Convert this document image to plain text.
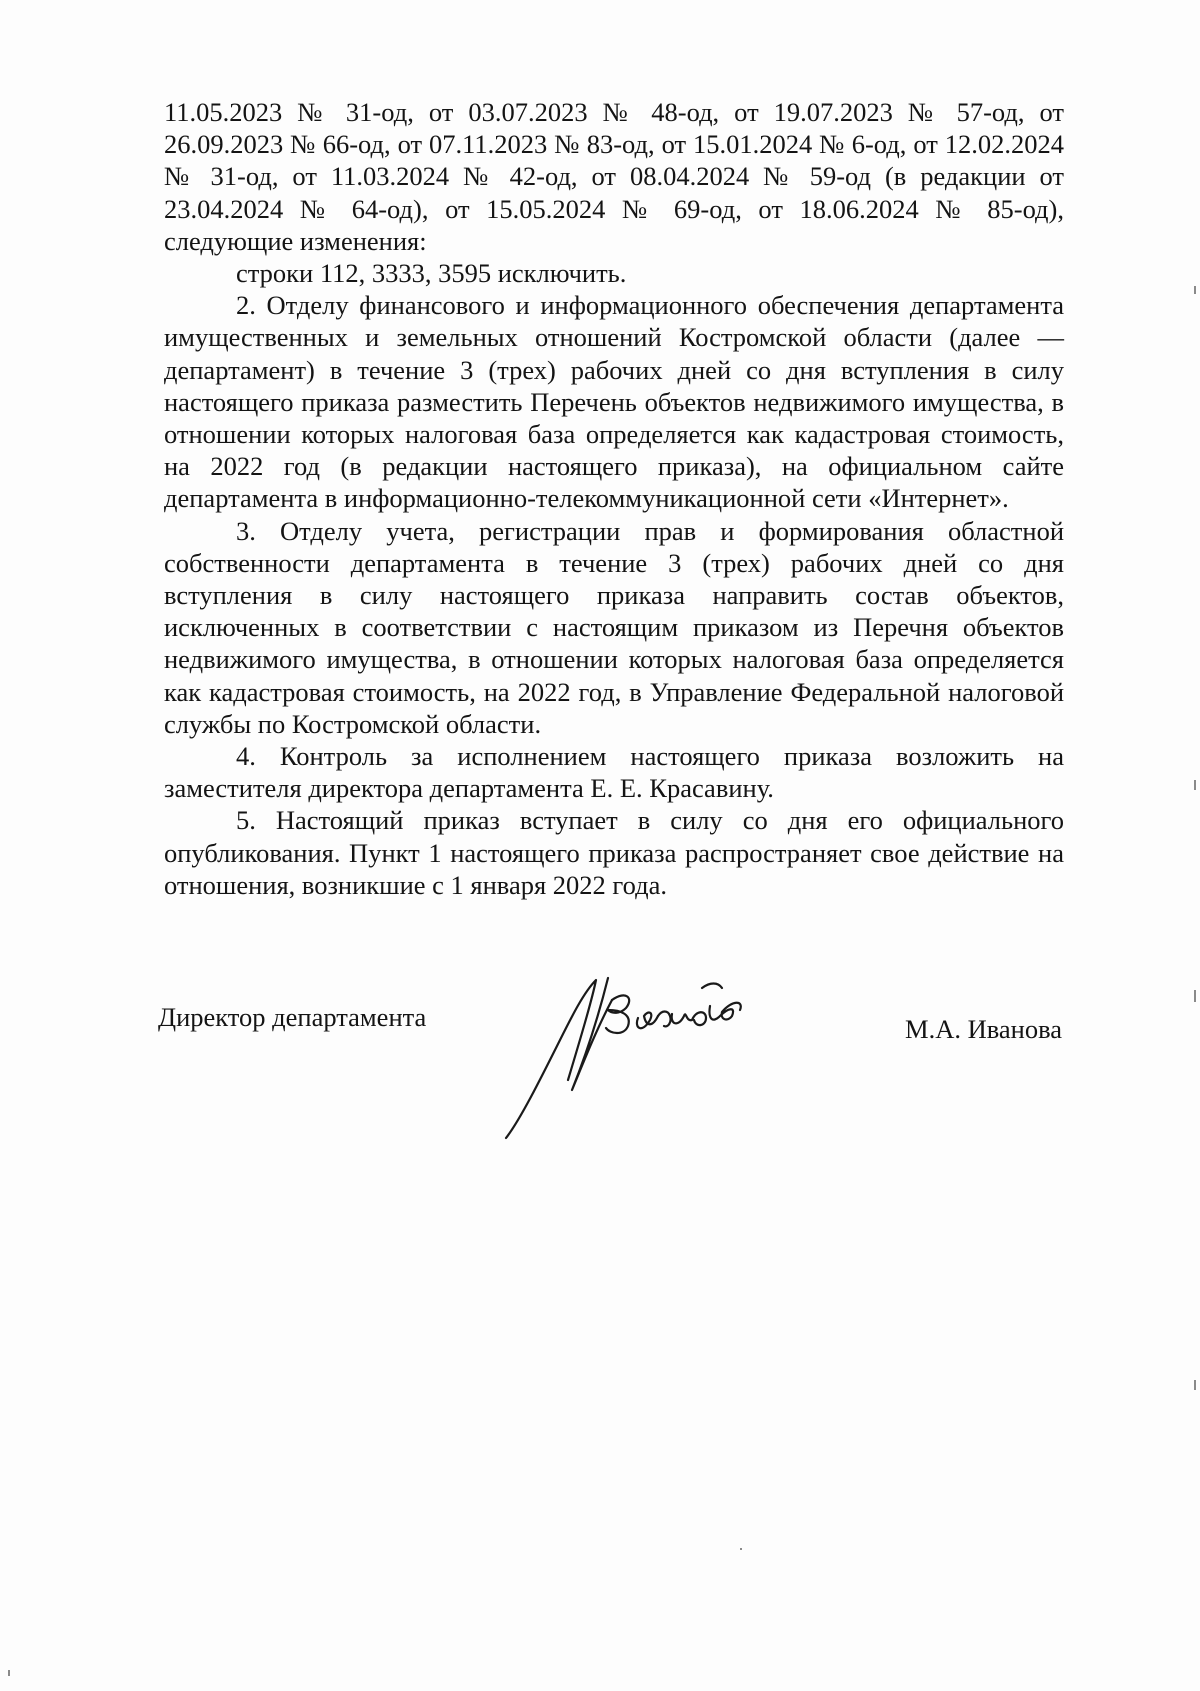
11.05.2023 № 31-од, от 03.07.2023 № 48-од, от 19.07.2023 № 57-од, от 26.09.2023 № 66-од, от 07.11.2023 № 83-од, от 15.01.2024 № 6-од, от 12.02.2024 № 31-од, от 11.03.2024 № 42-од, от 08.04.2024 № 59-од (в редакции от 23.04.2024 № 64-од), от 15.05.2024 № 69-од, от 18.06.2024 № 85-од), следующие изменения:

строки 112, 3333, 3595 исключить.

2. Отделу финансового и информационного обеспечения департамента имущественных и земельных отношений Костромской области (далее — департамент) в течение 3 (трех) рабочих дней со дня вступления в силу настоящего приказа разместить Перечень объектов недвижимого имущества, в отношении которых налоговая база определяется как кадастровая стоимость, на 2022 год (в редакции настоящего приказа), на официальном сайте департамента в информационно-телекоммуникационной сети «Интернет».

3. Отделу учета, регистрации прав и формирования областной собственности департамента в течение 3 (трех) рабочих дней со дня вступления в силу настоящего приказа направить состав объектов, исключенных в соответствии с настоящим приказом из Перечня объектов недвижимого имущества, в отношении которых налоговая база определяется как кадастровая стоимость, на 2022 год, в Управление Федеральной налоговой службы по Костромской области.

4. Контроль за исполнением настоящего приказа возложить на заместителя директора департамента Е. Е. Красавину.

5. Настоящий приказ вступает в силу со дня его официального опубликования. Пункт 1 настоящего приказа распространяет свое действие на отношения, возникшие с 1 января 2022 года.

Директор департамента	М.А. Иванова
